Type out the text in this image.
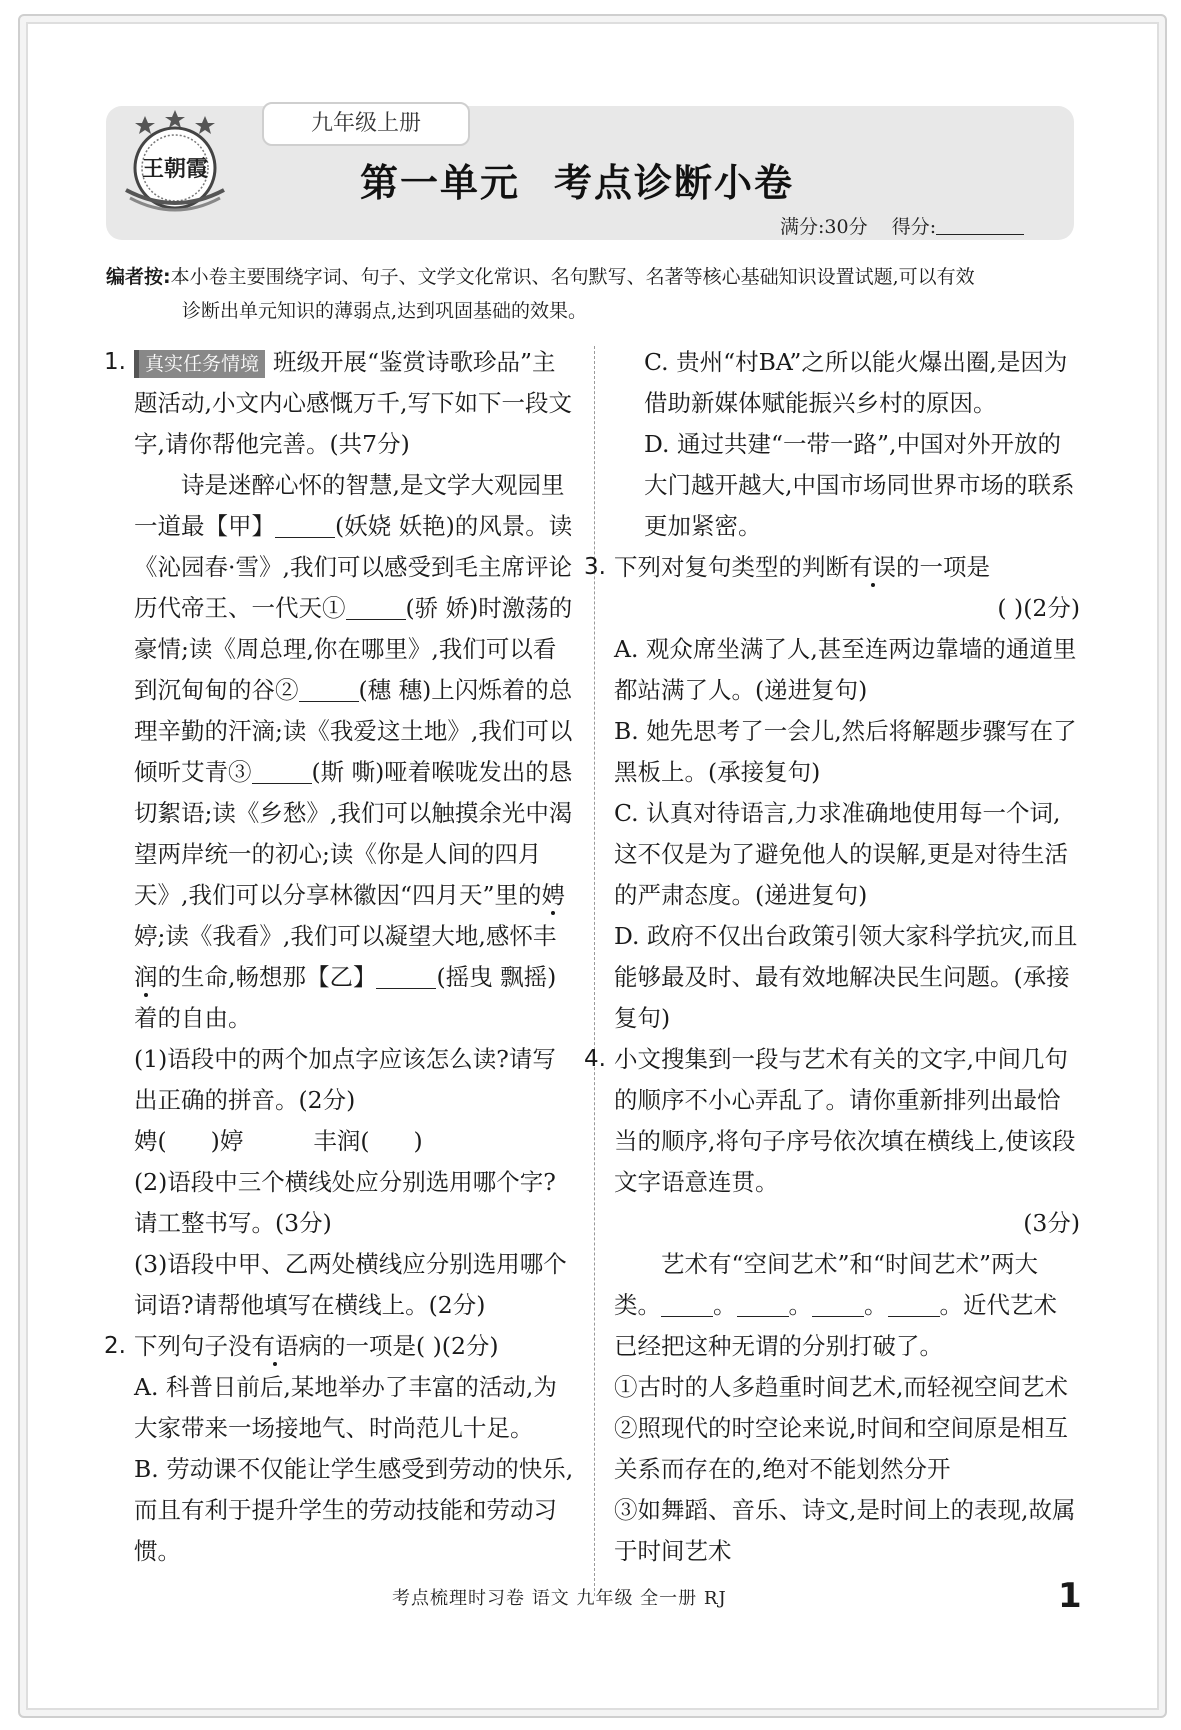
九年级上册
王朝霞	第一单元 考点诊断小卷
满分:30分 得分:
编者按:本小卷主要围绕字词、句子、文学文化常识、名句默写、名著等核心基础知识设置试题,可以有效
诊断出单元知识的薄弱点,达到巩固基础的效果。
1. 真实任务情境 班级开展“鉴赏诗歌珍品”主题活动,小文内心感慨万千,写下如下一段文字,请你帮他完善。(共7分)
诗是迷醉心怀的智慧,是文学大观园里一道最【甲】	(妖娆 妖艳)的风景。读《沁园春·雪》,我们可以感受到毛主席评论历代帝王、一代天①	(骄 娇)时激荡的豪情;读《周总理,你在哪里》,我们可以看到沉甸甸的谷②	(穗 穗)上闪烁着的总理辛勤的汗滴;读《我爱这土地》,我们可以倾听艾青③	(斯 嘶)哑着喉咙发出的恳切絮语;读《乡愁》,我们可以触摸余光中渴望两岸统一的初心;读《你是人间的四月天》,我们可以分享林徽因“四月天”里的娉婷;读《我看》,我们可以凝望大地,感怀丰润的生命,畅想那【乙】	(摇曳 飘摇)着的自由。
(1)语段中的两个加点字应该怎么读?请写出正确的拼音。(2分)
娉( )婷	丰润( )
(2)语段中三个横线处应分别选用哪个字?请工整书写。(3分)
(3)语段中甲、乙两处横线应分别选用哪个词语?请帮他填写在横线上。(2分)
2. 下列句子没有语病的一项是( )(2分)
A. 科普日前后,某地举办了丰富的活动,为大家带来一场接地气、时尚范儿十足。
B. 劳动课不仅能让学生感受到劳动的快乐,而且有利于提升学生的劳动技能和劳动习惯。
C. 贵州“村BA”之所以能火爆出圈,是因为借助新媒体赋能振兴乡村的原因。
D. 通过共建“一带一路”,中国对外开放的大门越开越大,中国市场同世界市场的联系更加紧密。
3. 下列对复句类型的判断有误的一项是
( )(2分)
A. 观众席坐满了人,甚至连两边靠墙的通道里都站满了人。(递进复句)
B. 她先思考了一会儿,然后将解题步骤写在了黑板上。(承接复句)
C. 认真对待语言,力求准确地使用每一个词,这不仅是为了避免他人的误解,更是对待生活的严肃态度。(递进复句)
D. 政府不仅出台政策引领大家科学抗灾,而且能够最及时、最有效地解决民生问题。(承接复句)
4. 小文搜集到一段与艺术有关的文字,中间几句的顺序不小心弄乱了。请你重新排列出最恰当的顺序,将句子序号依次填在横线上,使该段文字语意连贯。
(3分)
艺术有“空间艺术”和“时间艺术”两大类。 。 。 。 。近代艺术已经把这种无谓的分别打破了。
①古时的人多趋重时间艺术,而轻视空间艺术
②照现代的时空论来说,时间和空间原是相互关系而存在的,绝对不能划然分开
③如舞蹈、音乐、诗文,是时间上的表现,故属于时间艺术
考点梳理时习卷 语文 九年级 全一册 RJ	1
